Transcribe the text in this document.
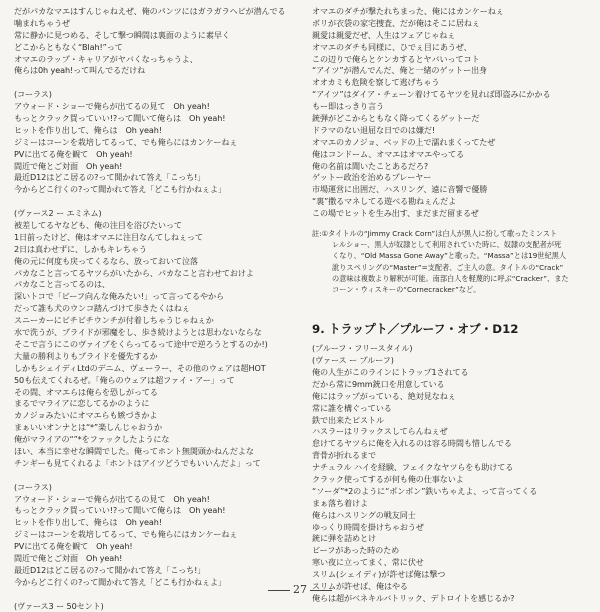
だがパカなマエはすんじゃねえぜ、俺のパンツにはガラガラヘビが潜んでる
噛まれちゃうぜ
常に静かに見つめる、そして撃つ瞬間は裏面のように素早く
どこからともなく“Blah!”って
オマエのラップ・キャリアがヤバくなっちゃうよ、
俺らは0h yeah!って叫んでるだけね
(コーラス)
アウォード・ショーで俺らが出てるの見て　Oh yeah!
もっとクラック買っていい!?って聞いて俺らは　Oh yeah!
ヒットを作り出して、俺らは　Oh yeah!
ジミーはコーンを栽培してるって、でも俺らにはカンケーねぇ
PVに出てる俺を観て　Oh yeah!
間近で俺とご対面　Oh yeah!
最近D12はどこ居るの?って聞かれて答え「こっち!」
今からどこ行くの?って聞かれて答え「どこも行かねぇよ」
(ヴァース2 ー エミネム)
被差してるヤなども、俺の注目を浴びたいって
1日前ったけど、俺はオマエに注目なんてしねぇって
2日は真わせずに、しかもキレちゃう
俺の元に何度も戻ってくるなら、放っておいて泣落
パカなこと言ってるヤツらがいたから、パカなこと言わせておけよ
パカなこと言ってるのは、
深いトコで「ビーフ向んな俺みたい!」って言ってるやから
だって誰も犬のウンコ踏んづけて歩きたくはねぇ
スニーカーにビチビチウンチが付着しちゃうじゃねぇか
水で洗うが、プライドが邪魔をし、歩き続けようとは思わないならな
そこで言うにこのヴァイブをくらってるって途中で逆ろうとするのか!)
大量の勝利よりもプライドを優先するか
しかもシェイディLtdのデニム、ヴェーラー、その他のウェアは超HOT
50も伝えてくれるぜ。「俺らのウェアは超ファイ・アー」って
その間、オマエらは俺らを恐しがってる
まるでマライアに恋してるかのように
カノジョみたいにオマエらも嫉づきかよ
まぁいいオンナとは“*”楽しんじゃおうか
俺がマライアの“”*をファックしたようにな
ほい、本当に幸せな瞬間でした。俺ってホント無関頭かねんだよな
チンギーも見てくれるよ「ホントはアイツどうでもいいんだよ」って
(コーラス)
アウォード・ショーで俺らが出てるの見て　Oh yeah!
もっとクラック買っていい!?って聞いて俺らは　Oh yeah!
ヒットを作り出して、俺らは　Oh yeah!
ジミーはコーンを栽培してるって、でも俺らにはカンケーねぇ
PVに出てる俺を観て　Oh yeah!
間近で俺とご対面　Oh yeah!
最近D12はどこ居るの?って聞かれて答え「こっち!」
今からどこ行くの?って聞かれて答え「どこも行かねぇよ」
(ヴァース3 ー 50セント)
オマエのダチが撃たれちまった、俺にはカンケーねぇ
ボリが衣袋の家宅捜査、だが俺はそこに居ねぇ
親愛は親愛だぜ、人生はフェアじゃねぇ
オマエのダチも同様に、ひでぇ目にあうぜ、
この辺りで俺らとケンカするとヤバいってコト
“アイツ”が潜んでんだ、俺と一緒のゲットー出身
オオカミも危険を察して逃げちゃう
“アイツ”はダイア・チェーン着けてるヤツを見れば即盗みにかかる
もー即はっきり言う
銃弾がどこからともなく降ってくるゲットーだ
ドラマのない退屈な日でのは嫌だ!
オマエのカノジョ、ベッドの上で濡れまくってたぜ
俺はコンドーム、オマエはオマエやってる
俺の名前は聞いたことあるだろ?
ゲットー政治を治めるプレーヤー
市場運営に出囲だ、ハスリング、遠に音響で優勝
“裏”撒るマネしてる遊べる勘ねぇんだよ
この場でヒットを生み出す、まだまだ留まるぜ
註:①タイトルの“Jimmy Crack Corn”は白人が黒人に扮して歌ったミンスト
レルショー、黒人が奴隷として利用されていた時に、奴隷の支配者が死
くなり、“Old Massa Gone Away”と歌った。“Massa”とは19世紀黒人
訛りスペリングの“Master”=支配者、ご主人の意。タイトルの“Crack”
の意味は複数より解釈が可能。南部白人を軽蔑的に呼ぶ“Cracker”、また
コーン・ウィスキーの“Cornecracker”など。
9. トラップト／プルーフ・オブ・D12
(プルーフ・フリースタイル)
(ヴァース ー プルーフ)
俺の人生がこのラインにトラップ1されてる
だから常に9mm銃口を用意している
俺にはラップがっている、絶対見なねぇ
常に誰を構ぐっている
鉄で出来たピストル
ハスラーはリラックスしてらんねぇぜ
怠けてるヤツらに俺を入れるのは容る時間も惜しんでる
背骨が折れるまで
ナチュラル ハイを経験、フェイクなヤツらをも助けてる
クラック使ってするが何も俺の仕事ないよ
“ソーダ”*2のように“ポンポン”鉄いちゃえよ、って言ってくる
まぁ落ち着けよ
俺らはハスリングの戦友同士
ゆっくり時間を掛けちゃおうぜ
銃に弾を詰めとけ
ビーフがあった時のため
寒い夜に立ってまく、常に伏せ
スリム(シェイディ)が許せば俺は撃つ
スリムが許せば、俺はやる
俺らは超がベネキルバトリック、デトロイトを感じるか?
27
